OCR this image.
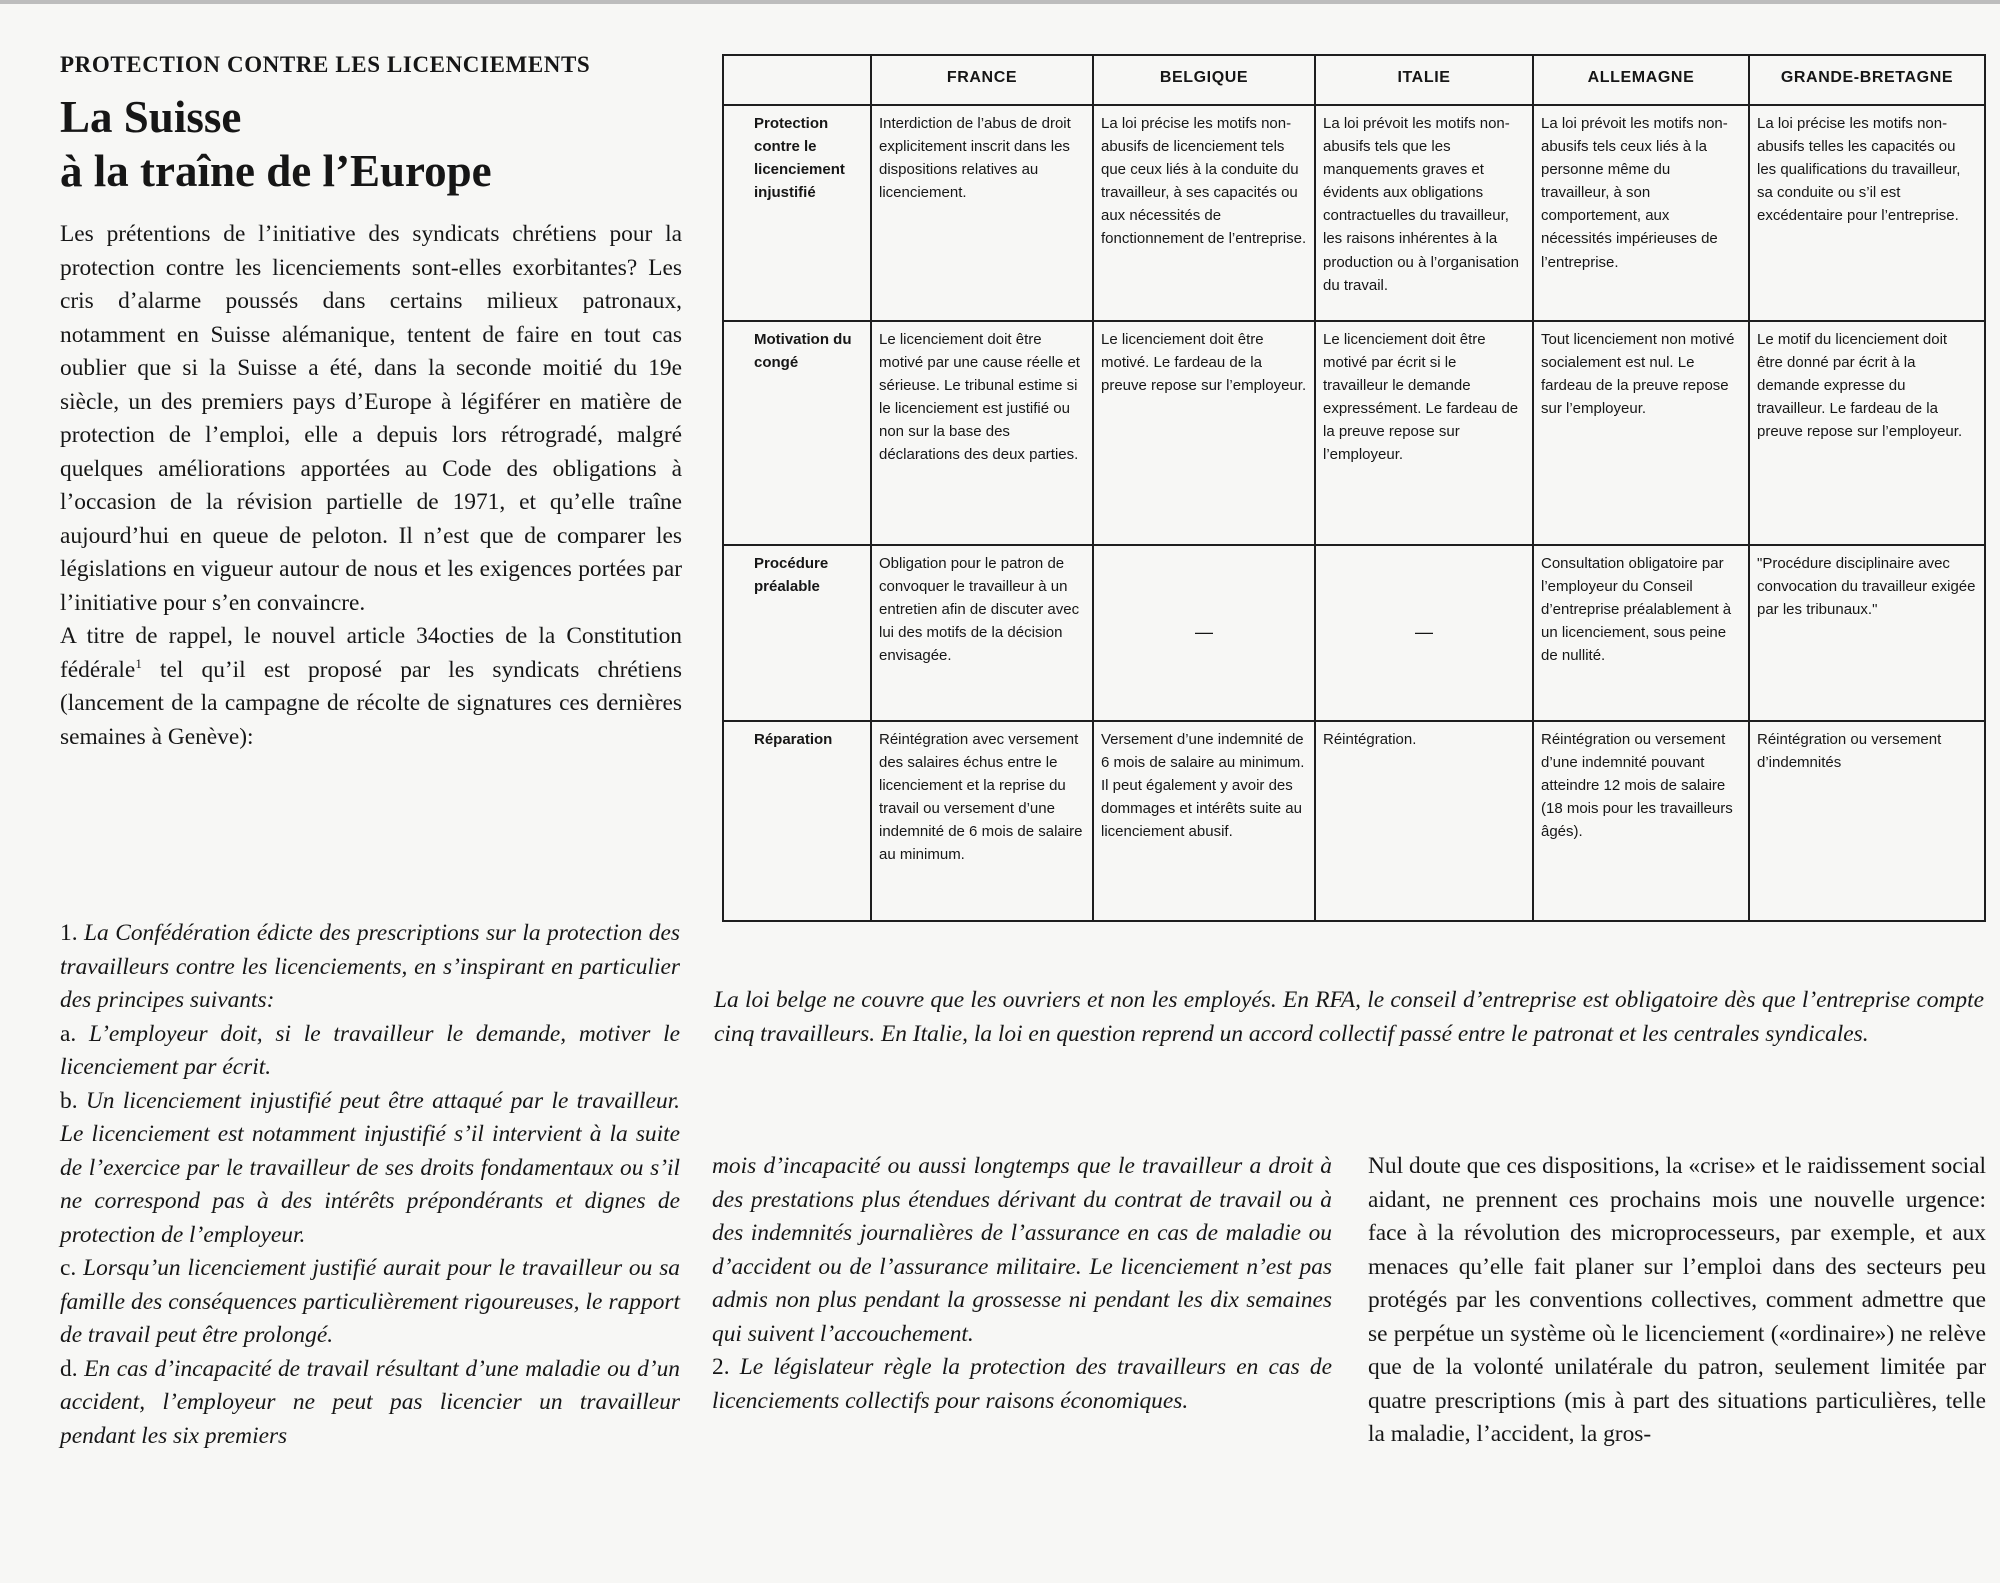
PROTECTION CONTRE LES LICENCIEMENTS
La Suisse
à la traîne de l’Europe

Les prétentions de l’initiative des syndicats chrétiens pour la protection contre les licenciements sont-elles exorbitantes? Les cris d’alarme poussés dans certains milieux patronaux, notamment en Suisse alémanique, tentent de faire en tout cas oublier que si la Suisse a été, dans la seconde moitié du 19e siècle, un des premiers pays d’Europe à légiférer en matière de protection de l’emploi, elle a depuis lors rétrogradé, malgré quelques améliorations apportées au Code des obligations à l’occasion de la révision partielle de 1971, et qu’elle traîne aujourd’hui en queue de peloton. Il n’est que de comparer les législations en vigueur autour de nous et les exigences portées par l’initiative pour s’en convaincre.

A titre de rappel, le nouvel article 34octies de la Constitution fédérale$^1$ tel qu’il est proposé par les syndicats chrétiens (lancement de la campagne de récolte de signatures ces dernières semaines à Genève):

1. La Confédération édicte des prescriptions sur la protection des travailleurs contre les licenciements, en s’inspirant en particulier des principes suivants:

a. L’employeur doit, si le travailleur le demande, motiver le licenciement par écrit.

b. Un licenciement injustifié peut être attaqué par le travailleur. Le licenciement est notamment injustifié s’il intervient à la suite de l’exercice par le travailleur de ses droits fondamentaux ou s’il ne correspond pas à des intérêts prépondérants et dignes de protection de l’employeur.

c. Lorsqu’un licenciement justifié aurait pour le travailleur ou sa famille des conséquences particulièrement rigoureuses, le rapport de travail peut être prolongé.

d. En cas d’incapacité de travail résultant d’une maladie ou d’un accident, l’employeur ne peut pas licencier un travailleur pendant les six premiers

	FRANCE	BELGIQUE	ITALIE	ALLEMAGNE	GRANDE-BRETAGNE
Protection contre le licenciement injustifié	Interdiction de l’abus de droit explicitement inscrit dans les dispositions relatives au licenciement.	La loi précise les motifs non-abusifs de licenciement tels que ceux liés à la conduite du travailleur, à ses capacités ou aux nécessités de fonctionnement de l’entreprise.	La loi prévoit les motifs non-abusifs tels que les manquements graves et évidents aux obligations contractuelles du travailleur, les raisons inhérentes à la production ou à l’organisation du travail.	La loi prévoit les motifs non-abusifs tels ceux liés à la personne même du travailleur, à son comportement, aux nécessités impérieuses de l’entreprise.	La loi précise les motifs non-abusifs telles les capacités ou les qualifications du travailleur, sa conduite ou s’il est excédentaire pour l’entreprise.
Motivation du congé	Le licenciement doit être motivé par une cause réelle et sérieuse. Le tribunal estime si le licenciement est justifié ou non sur la base des déclarations des deux parties.	Le licenciement doit être motivé. Le fardeau de la preuve repose sur l’employeur.	Le licenciement doit être motivé par écrit si le travailleur le demande expressément. Le fardeau de la preuve repose sur l’employeur.	Tout licenciement non motivé socialement est nul. Le fardeau de la preuve repose sur l’employeur.	Le motif du licenciement doit être donné par écrit à la demande expresse du travailleur. Le fardeau de la preuve repose sur l’employeur.
Procédure préalable	Obligation pour le patron de convoquer le travailleur à un entretien afin de discuter avec lui des motifs de la décision envisagée.	—	—	Consultation obligatoire par l’employeur du Conseil d’entreprise préalablement à un licenciement, sous peine de nullité.	"Procédure disciplinaire avec convocation du travailleur exigée par les tribunaux."
Réparation	Réintégration avec versement des salaires échus entre le licenciement et la reprise du travail ou versement d’une indemnité de 6 mois de salaire au minimum.	Versement d’une indemnité de 6 mois de salaire au minimum. Il peut également y avoir des dommages et intérêts suite au licenciement abusif.	Réintégration.	Réintégration ou versement d’une indemnité pouvant atteindre 12 mois de salaire (18 mois pour les travailleurs âgés).	Réintégration ou versement d’indemnités
La loi belge ne couvre que les ouvriers et non les employés. En RFA, le conseil d’entreprise est obligatoire dès que l’entreprise compte cinq travailleurs. En Italie, la loi en question reprend un accord collectif passé entre le patronat et les centrales syndicales.

mois d’incapacité ou aussi longtemps que le travailleur a droit à des prestations plus étendues dérivant du contrat de travail ou à des indemnités journalières de l’assurance en cas de maladie ou d’accident ou de l’assurance militaire. Le licenciement n’est pas admis non plus pendant la grossesse ni pendant les dix semaines qui suivent l’accouchement.

2. Le législateur règle la protection des travailleurs en cas de licenciements collectifs pour raisons économiques.

Nul doute que ces dispositions, la «crise» et le raidissement social aidant, ne prennent ces prochains mois une nouvelle urgence: face à la révolution des microprocesseurs, par exemple, et aux menaces qu’elle fait planer sur l’emploi dans des secteurs peu protégés par les conventions collectives, comment admettre que se perpétue un système où le licenciement («ordinaire») ne relève que de la volonté unilatérale du patron, seulement limitée par quatre prescriptions (mis à part des situations particulières, telle la maladie, l’accident, la gros-
